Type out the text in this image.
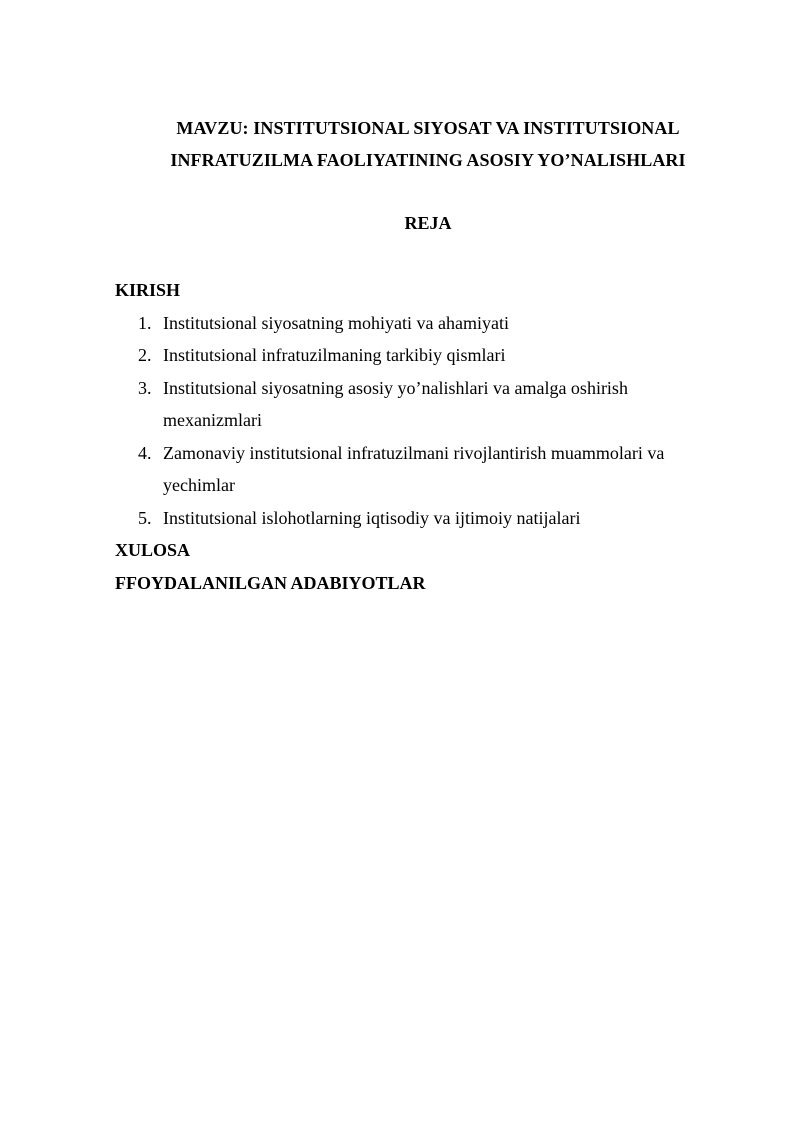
MAVZU: INSTITUTSIONAL SIYOSAT VA INSTITUTSIONAL
INFRATUZILMA FAOLIYATINING ASOSIY YO’NALISHLARI
REJA
KIRISH
1. Institutsional siyosatning mohiyati va ahamiyati
2. Institutsional infratuzilmaning tarkibiy qismlari
3. Institutsional siyosatning asosiy yo’nalishlari va amalga oshirish mexanizmlari
4. Zamonaviy institutsional infratuzilmani rivojlantirish muammolari va yechimlar
5. Institutsional islohotlarning iqtisodiy va ijtimoiy natijalari
XULOSA
FFOYDALANILGAN ADABIYOTLAR
